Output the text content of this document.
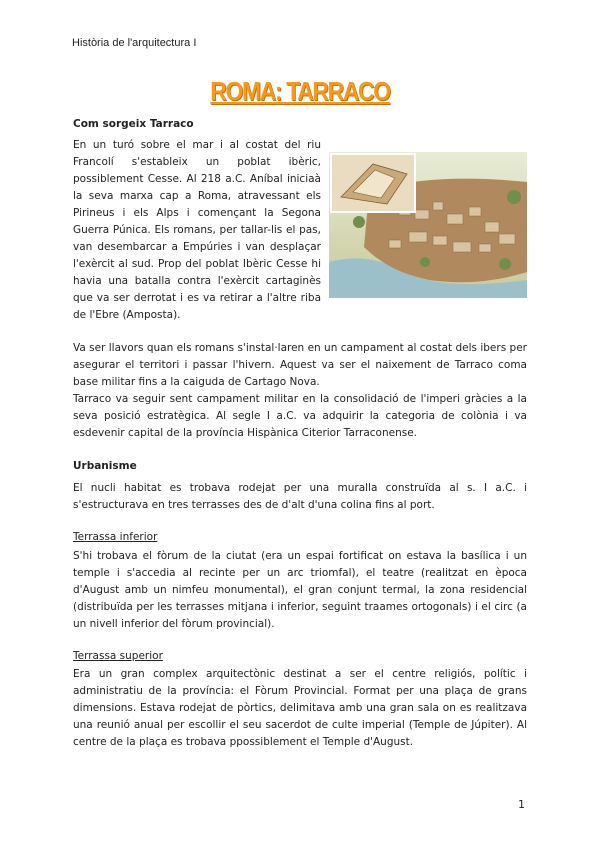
Història de l'arquitectura I
ROMA: TARRACO
Com sorgeix Tarraco
En un turó sobre el mar i al costat del riu Francolí s'estableix un poblat ibèric, possiblement Cesse. Al 218 a.C. Aníbal iniciaà la seva marxa cap a Roma, atravessant els Pirineus i els Alps i començant la Segona Guerra Púnica. Els romans, per tallar-lis el pas, van desembarcar a Empúries i van desplaçar l'exèrcit al sud. Prop del poblat Ibèric Cesse hi havia una batalla contra l'exèrcit cartaginès que va ser derrotat i es va retirar a l'altre riba de l'Ebre (Amposta).
Va ser llavors quan els romans s'instal·laren en un campament al costat dels ibers per asegurar el territori i passar l'hivern. Aquest va ser el naixement de Tarraco coma base militar fins a la caiguda de Cartago Nova.
Tarraco va seguir sent campament militar en la consolidació de l'imperi gràcies a la seva posició estratègica. Al segle I a.C. va adquirir la categoria de colònia i va esdevenir capital de la província Hispànica Citerior Tarraconense.
Urbanisme
El nucli habitat es trobava rodejat per una muralla construïda al s. I a.C. i s'estructurava en tres terrasses des de d'alt d'una colina fins al port.
Terrassa inferior
S'hi trobava el fòrum de la ciutat (era un espai fortificat on estava la basílica i un temple i s'accedia al recinte per un arc triomfal), el teatre (realitzat en època d'August amb un nimfeu monumental), el gran conjunt termal, la zona residencial (distribuïda per les terrasses mitjana i inferior, seguint traames ortogonals) i el circ (a un nivell inferior del fòrum provincial).
Terrassa superior
Era un gran complex arquitectònic destinat a ser el centre religiós, polític i administratiu de la província: el Fòrum Provincial. Format per una plaça de grans dimensions. Estava rodejat de pòrtics, delimitava amb una gran sala on es realitzava una reunió anual per escollir el seu sacerdot de culte imperial (Temple de Júpiter). Al centre de la plaça es trobava ppossiblement el Temple d'August.
1
